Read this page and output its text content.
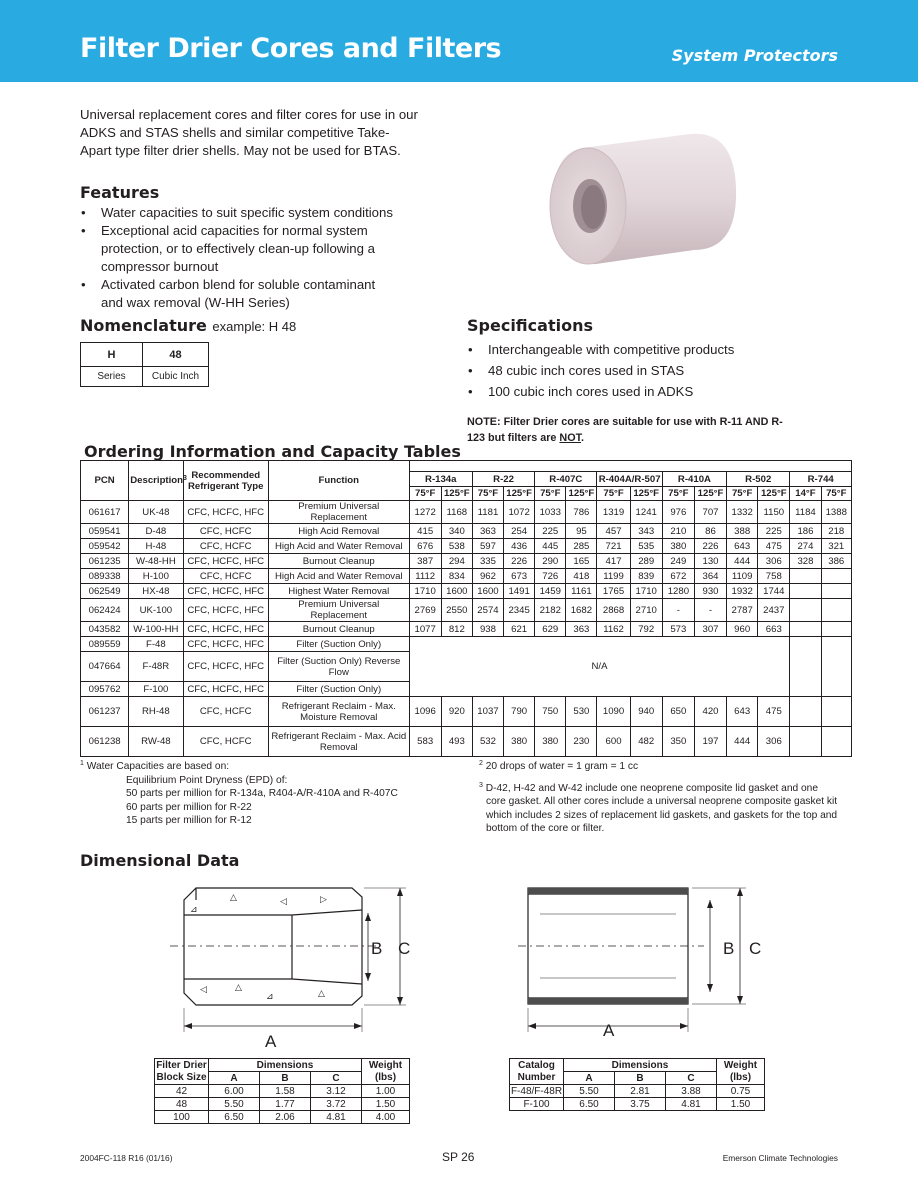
Filter Drier Cores and Filters	System Protectors
Universal replacement cores and filter cores for use in our ADKS and STAS shells and similar competitive Take-Apart type filter drier shells. May not be used for BTAS.
Features
• Water capacities to suit specific system conditions
• Exceptional acid capacities for normal system protection, or to effectively clean-up following a compressor burnout
• Activated carbon blend for soluble contaminant and wax removal (W-HH Series)
Nomenclature example: H 48
H	48
Series	Cubic Inch
Specifications
• Interchangeable with competitive products
• 48 cubic inch cores used in STAS
• 100 cubic inch cores used in ADKS
NOTE: Filter Drier cores are suitable for use with R-11 AND R-123 but filters are NOT.
Ordering Information and Capacity Tables
PCN	Description$^3$	Recommended Refrigerant Type	Function														
				R-134a		R-22		R-407C		R-404A/R-507		R-410A		R-502		R-744	
				75°F	125°F	75°F	125°F	75°F	125°F	75°F	125°F	75°F	125°F	75°F	125°F	14°F	75°F
061617	UK-48	CFC, HCFC, HFC	Premium Universal Replacement	1272	1168	1181	1072	1033	786	1319	1241	976	707	1332	1150	1184	1388
059541	D-48	CFC, HCFC	High Acid Removal	415	340	363	254	225	95	457	343	210	86	388	225	186	218
059542	H-48	CFC, HCFC	High Acid and Water Removal	676	538	597	436	445	285	721	535	380	226	643	475	274	321
061235	W-48-HH	CFC, HCFC, HFC	Burnout Cleanup	387	294	335	226	290	165	417	289	249	130	444	306	328	386
089338	H-100	CFC, HCFC	High Acid and Water Removal	1112	834	962	673	726	418	1199	839	672	364	1109	758		
062549	HX-48	CFC, HCFC, HFC	Highest Water Removal	1710	1600	1600	1491	1459	1161	1765	1710	1280	930	1932	1744		
062424	UK-100	CFC, HCFC, HFC	Premium Universal Replacement	2769	2550	2574	2345	2182	1682	2868	2710	-	-	2787	2437		
043582	W-100-HH	CFC, HCFC, HFC	Burnout Cleanup	1077	812	938	621	629	363	1162	792	573	307	960	663		
089559	F-48	CFC, HCFC, HFC	Filter (Suction Only)	N/A													
047664	F-48R	CFC, HCFC, HFC	Filter (Suction Only) Reverse Flow														
095762	F-100	CFC, HCFC, HFC	Filter (Suction Only)														
061237	RH-48	CFC, HCFC	Refrigerant Reclaim - Max. Moisture Removal	1096	920	1037	790	750	530	1090	940	650	420	643	475		
061238	RW-48	CFC, HCFC	Refrigerant Reclaim - Max. Acid Removal	583	493	532	380	380	230	600	482	350	197	444	306		
$^1$ Water Capacities are based on:
Equilibrium Point Dryness (EPD) of:
50 parts per million for R-134a, R404-A/R-410A and R-407C
60 parts per million for R-22
15 parts per million for R-12
$^2$ 20 drops of water = 1 gram = 1 cc
$^3$ D-42, H-42 and W-42 include one neoprene composite lid gasket and one core gasket. All other cores include a universal neoprene composite gasket kit which includes 2 sizes of replacement lid gaskets, and gaskets for the top and bottom of the core or filter.
Dimensional Data
⊿
△	◁	▷
◁	△
⊿	△
B C
A
B C
A
Filter Drier Block Size	Dimensions			Weight (lbs)
	A	B	C	
42	6.00	1.58	3.12	1.00
48	5.50	1.77	3.72	1.50
100	6.50	2.06	4.81	4.00
Catalog Number	Dimensions			Weight (lbs)
	A	B	C	
F-48/F-48R	5.50	2.81	3.88	0.75
F-100	6.50	3.75	4.81	1.50
2004FC-118 R16 (01/16)	SP 26	Emerson Climate Technologies
